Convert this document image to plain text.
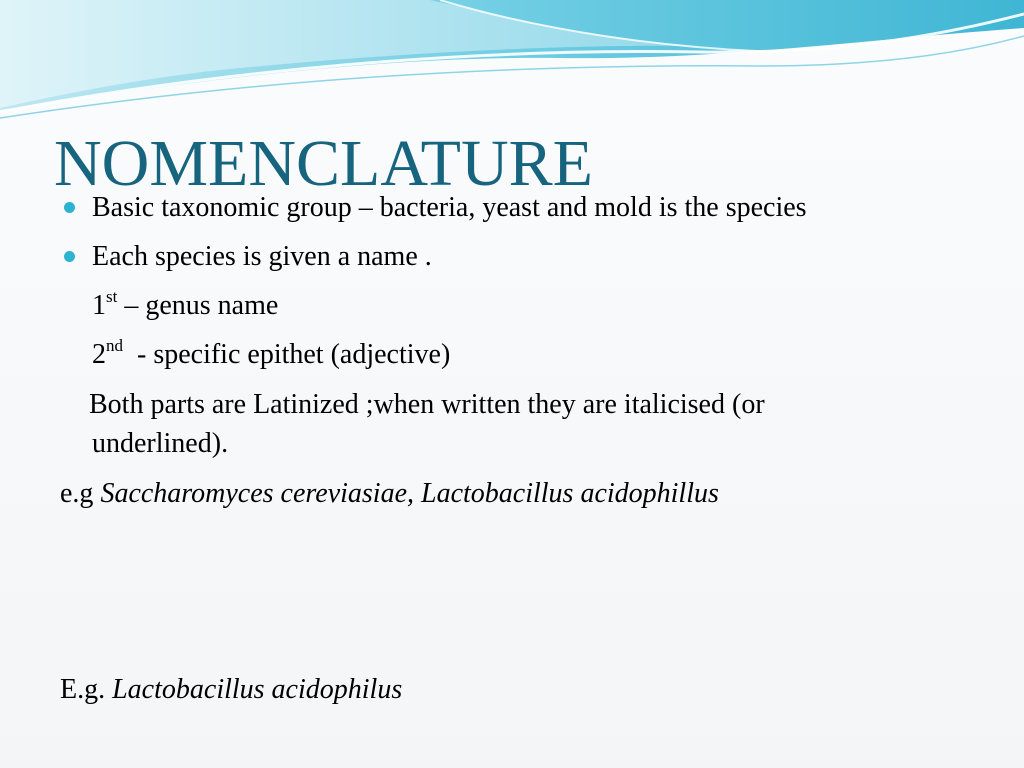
NOMENCLATURE
Basic taxonomic group – bacteria, yeast and mold is the species
Each species is given a name .
1st – genus name
2nd  - specific epithet (adjective)
Both parts are Latinized ;when written they are italicised (or
underlined).
e.g Saccharomyces cereviasiae, Lactobacillus acidophillus
E.g. Lactobacillus acidophilus
